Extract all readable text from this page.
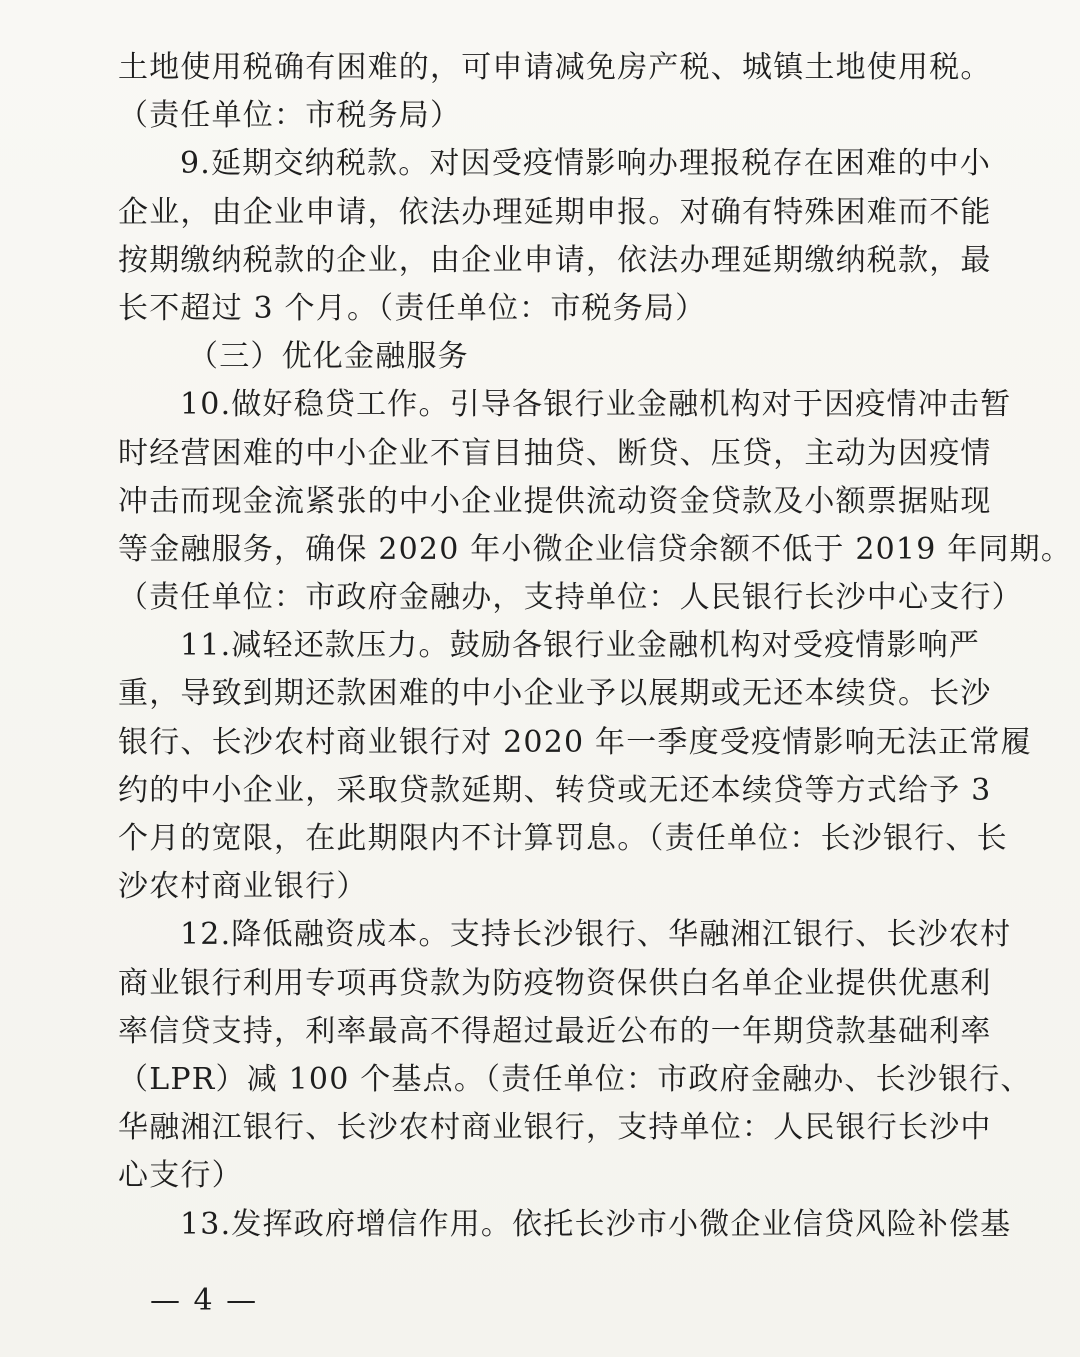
土地使用税确有困难的，可申请减免房产税、城镇土地使用税。
（责任单位：市税务局）
9.延期交纳税款。对因受疫情影响办理报税存在困难的中小
企业，由企业申请，依法办理延期申报。对确有特殊困难而不能
按期缴纳税款的企业，由企业申请，依法办理延期缴纳税款，最
长不超过 3 个月。（责任单位：市税务局）
（三）优化金融服务
10.做好稳贷工作。引导各银行业金融机构对于因疫情冲击暂
时经营困难的中小企业不盲目抽贷、断贷、压贷，主动为因疫情
冲击而现金流紧张的中小企业提供流动资金贷款及小额票据贴现
等金融服务，确保 2020 年小微企业信贷余额不低于 2019 年同期。
（责任单位：市政府金融办，支持单位：人民银行长沙中心支行）
11.减轻还款压力。鼓励各银行业金融机构对受疫情影响严
重，导致到期还款困难的中小企业予以展期或无还本续贷。长沙
银行、长沙农村商业银行对 2020 年一季度受疫情影响无法正常履
约的中小企业，采取贷款延期、转贷或无还本续贷等方式给予 3
个月的宽限，在此期限内不计算罚息。（责任单位：长沙银行、长
沙农村商业银行）
12.降低融资成本。支持长沙银行、华融湘江银行、长沙农村
商业银行利用专项再贷款为防疫物资保供白名单企业提供优惠利
率信贷支持，利率最高不得超过最近公布的一年期贷款基础利率
（LPR）减 100 个基点。（责任单位：市政府金融办、长沙银行、
华融湘江银行、长沙农村商业银行，支持单位：人民银行长沙中
心支行）
13.发挥政府增信作用。依托长沙市小微企业信贷风险补偿基
— 4 —
